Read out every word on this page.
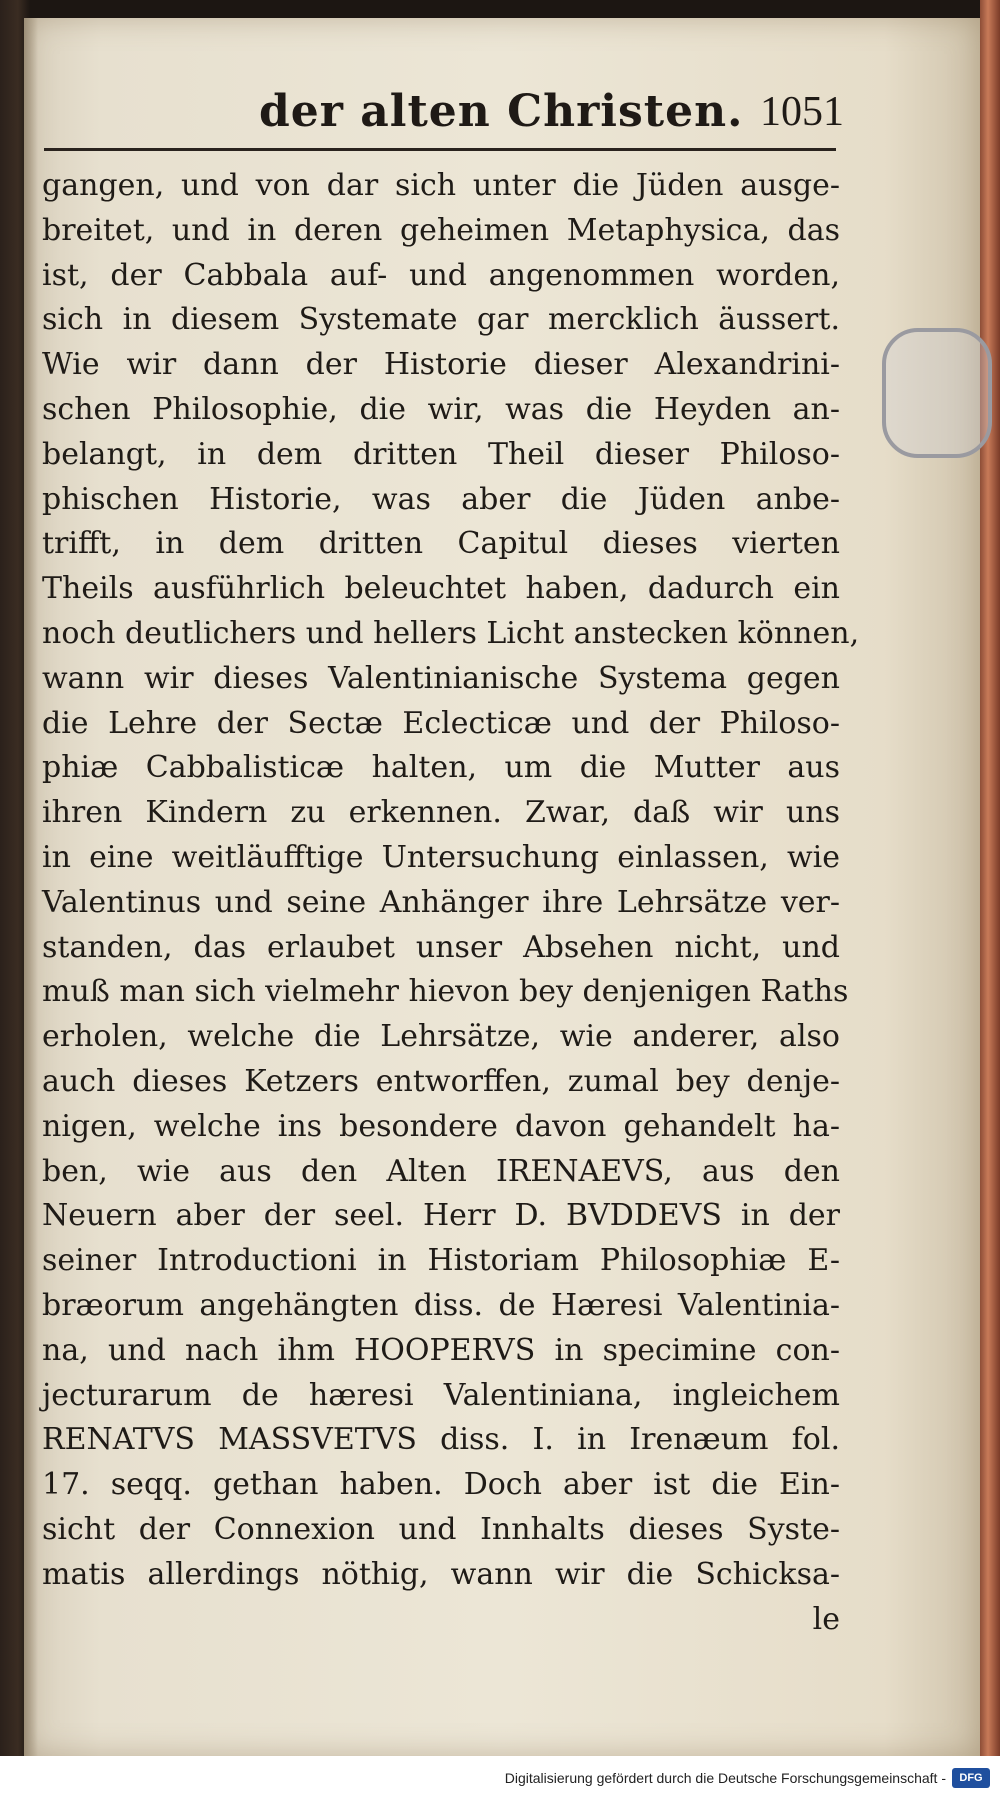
der alten Christen. 1051
gangen, und von dar sich unter die Jüden ausge-
breitet, und in deren geheimen Metaphysica, das
ist, der Cabbala auf- und angenommen worden,
sich in diesem Systemate gar mercklich äussert.
Wie wir dann der Historie dieser Alexandrini-
schen Philosophie, die wir, was die Heyden an-
belangt, in dem dritten Theil dieser Philoso-
phischen Historie, was aber die Jüden anbe-
trifft, in dem dritten Capitul dieses vierten
Theils ausführlich beleuchtet haben, dadurch ein
noch deutlichers und hellers Licht anstecken können,
wann wir dieses Valentinianische Systema gegen
die Lehre der Sectæ Eclecticæ und der Philoso-
phiæ Cabbalisticæ halten, um die Mutter aus
ihren Kindern zu erkennen. Zwar, daß wir uns
in eine weitläufftige Untersuchung einlassen, wie
Valentinus und seine Anhänger ihre Lehrsätze ver-
standen, das erlaubet unser Absehen nicht, und
muß man sich vielmehr hievon bey denjenigen Raths
erholen, welche die Lehrsätze, wie anderer, also
auch dieses Ketzers entworffen, zumal bey denje-
nigen, welche ins besondere davon gehandelt ha-
ben, wie aus den Alten IRENAEVS, aus den
Neuern aber der seel. Herr D. BVDDEVS in der
seiner Introductioni in Historiam Philosophiæ E-
bræorum angehängten diss. de Hæresi Valentinia-
na, und nach ihm HOOPERVS in specimine con-
jecturarum de hæresi Valentiniana, ingleichem
RENATVS MASSVETVS diss. I. in Irenæum fol.
17. seqq. gethan haben. Doch aber ist die Ein-
sicht der Connexion und Innhalts dieses Syste-
matis allerdings nöthig, wann wir die Schicksa-
le
Digitalisierung gefördert durch die Deutsche Forschungsgemeinschaft -	DFG
